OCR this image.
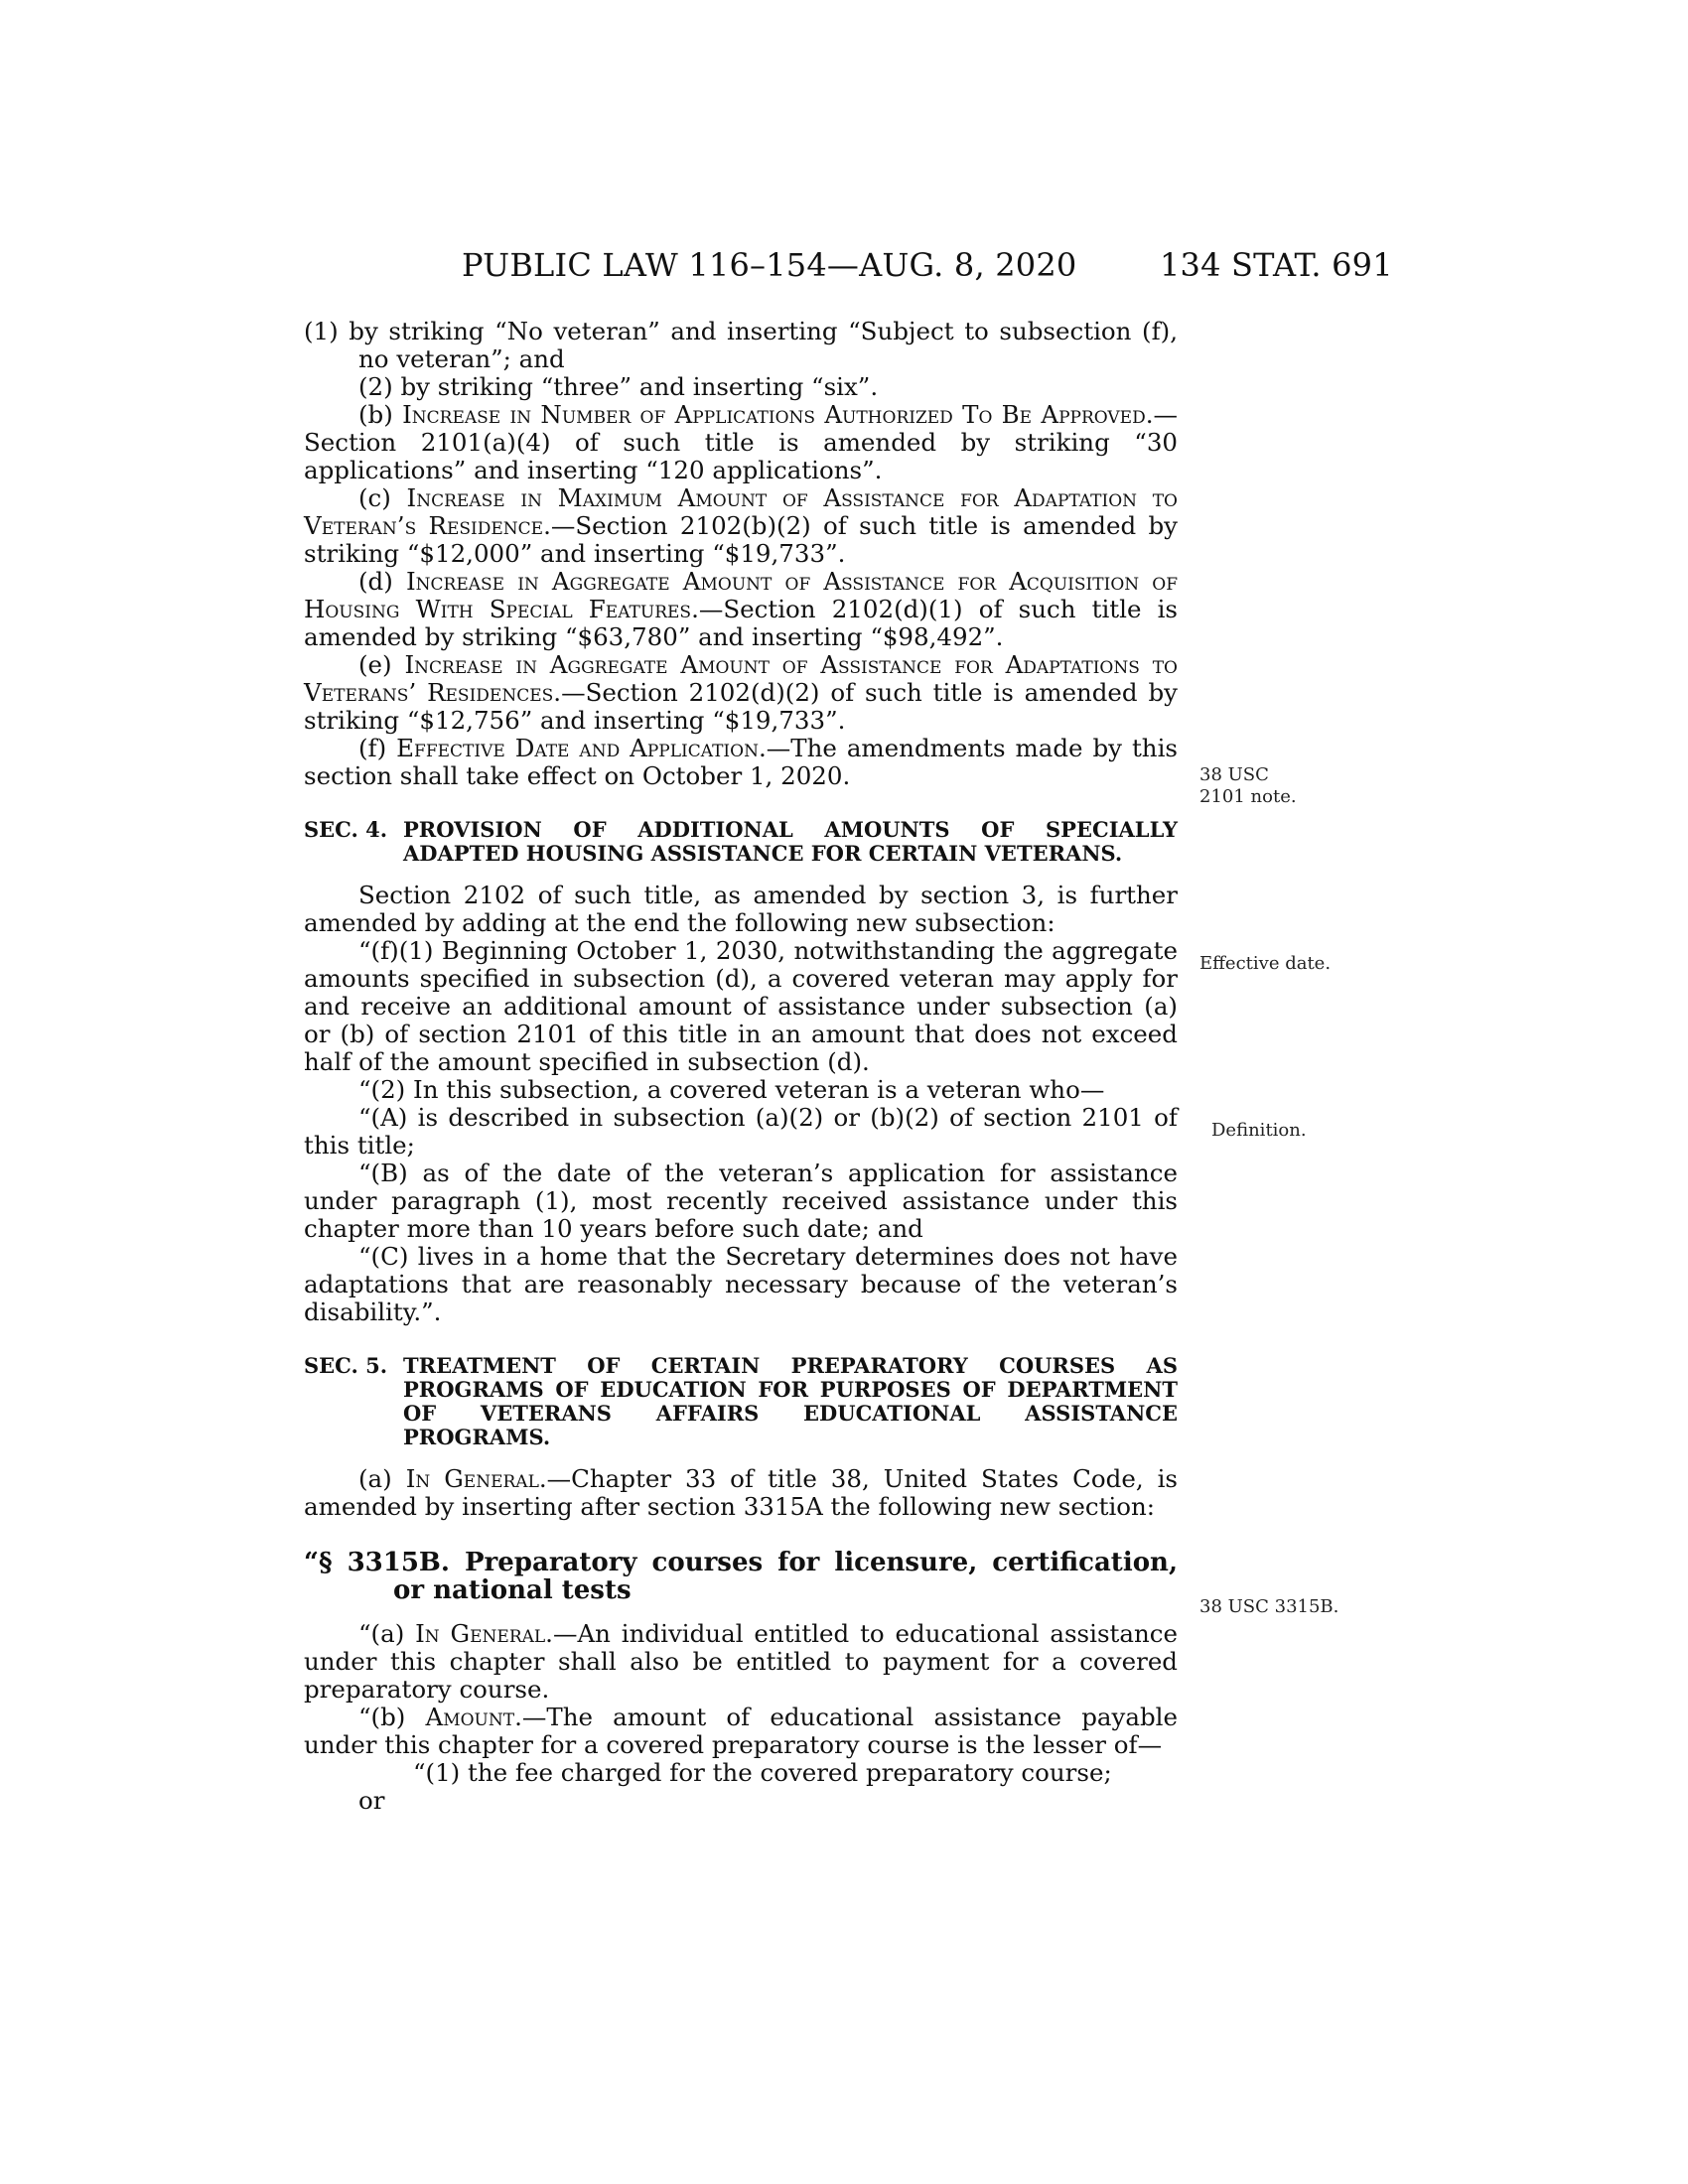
PUBLIC LAW 116–154—AUG. 8, 2020	134 STAT. 691

(1) by striking “No veteran” and inserting “Subject to subsection (f), no veteran”; and

(2) by striking “three” and inserting “six”.

(b) Increase in Number of Applications Authorized To Be Approved.—Section 2101(a)(4) of such title is amended by striking “30 applications” and inserting “120 applications”.

(c) Increase in Maximum Amount of Assistance for Adaptation to Veteran’s Residence.—Section 2102(b)(2) of such title is amended by striking “$12,000” and inserting “$19,733”.

(d) Increase in Aggregate Amount of Assistance for Acquisition of Housing With Special Features.—Section 2102(d)(1) of such title is amended by striking “$63,780” and inserting “$98,492”.

(e) Increase in Aggregate Amount of Assistance for Adaptations to Veterans’ Residences.—Section 2102(d)(2) of such title is amended by striking “$12,756” and inserting “$19,733”.

(f) Effective Date and Application.—The amendments made by this section shall take effect on October 1, 2020.

SEC. 4. PROVISION OF ADDITIONAL AMOUNTS OF SPECIALLY ADAPTED HOUSING ASSISTANCE FOR CERTAIN VETERANS.

Section 2102 of such title, as amended by section 3, is further amended by adding at the end the following new subsection:

“(f)(1) Beginning October 1, 2030, notwithstanding the aggregate amounts specified in subsection (d), a covered veteran may apply for and receive an additional amount of assistance under subsection (a) or (b) of section 2101 of this title in an amount that does not exceed half of the amount specified in subsection (d).

“(2) In this subsection, a covered veteran is a veteran who—

“(A) is described in subsection (a)(2) or (b)(2) of section 2101 of this title;

“(B) as of the date of the veteran’s application for assistance under paragraph (1), most recently received assistance under this chapter more than 10 years before such date; and

“(C) lives in a home that the Secretary determines does not have adaptations that are reasonably necessary because of the veteran’s disability.”.

SEC. 5. TREATMENT OF CERTAIN PREPARATORY COURSES AS PROGRAMS OF EDUCATION FOR PURPOSES OF DEPARTMENT OF VETERANS AFFAIRS EDUCATIONAL ASSISTANCE PROGRAMS.

(a) In General.—Chapter 33 of title 38, United States Code, is amended by inserting after section 3315A the following new section:

“§ 3315B. Preparatory courses for licensure, certification, or national tests

“(a) In General.—An individual entitled to educational assistance under this chapter shall also be entitled to payment for a covered preparatory course.

“(b) Amount.—The amount of educational assistance payable under this chapter for a covered preparatory course is the lesser of—

“(1) the fee charged for the covered preparatory course;

or

38 USC 2101 note.
Effective date.
Definition.
38 USC 3315B.
